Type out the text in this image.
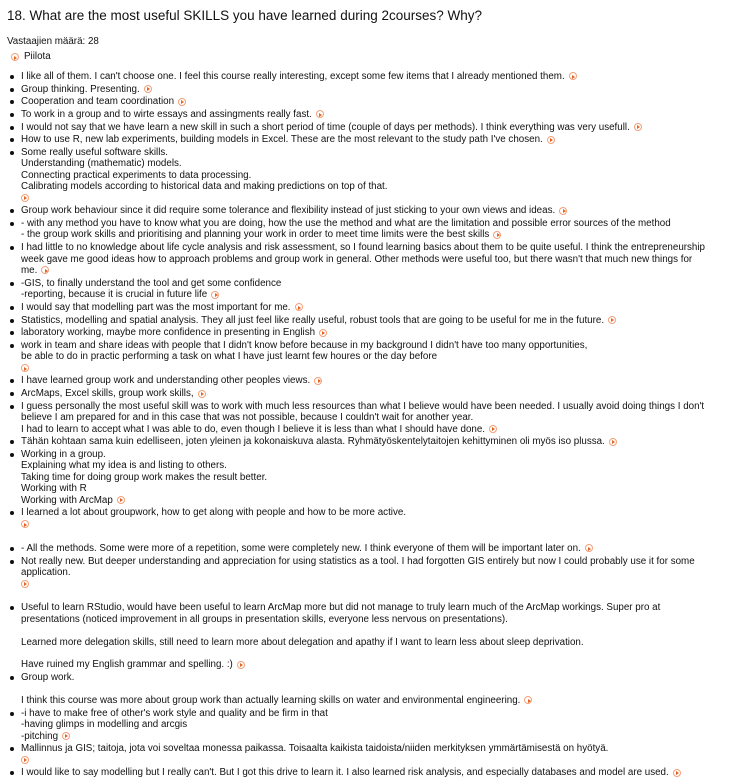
18. What are the most useful SKILLS you have learned during 2courses? Why?
Vastaajien määrä: 28
Piilota
I like all of them. I can't choose one. I feel this course really interesting, except some few items that I already mentioned them.
Group thinking. Presenting.
Cooperation and team coordination
To work in a group and to wirte essays and assingments really fast.
I would not say that we have learn a new skill in such a short period of time (couple of days per methods). I think everything was very usefull.
How to use R, new lab experiments, building models in Excel. These are the most relevant to the study path I've chosen.
Some really useful software skills.
Understanding (mathematic) models.
Connecting practical experiments to data processing.
Calibrating models according to historical data and making predictions on top of that.
Group work behaviour since it did require some tolerance and flexibility instead of just sticking to your own views and ideas.
- with any method you have to know what you are doing, how the use the method and what are the limitation and possible error sources of the method
- the group work skills and prioritising and planning your work in order to meet time limits were the best skills
I had little to no knowledge about life cycle analysis and risk assessment, so I found learning basics about them to be quite useful. I think the entrepreneurship
week gave me good ideas how to approach problems and group work in general. Other methods were useful too, but there wasn't that much new things for
me.
-GIS, to finally understand the tool and get some confidence
-reporting, because it is crucial in future life
I would say that modelling part was the most important for me.
Statistics, modelling and spatial analysis. They all just feel like really useful, robust tools that are going to be useful for me in the future.
laboratory working, maybe more confidence in presenting in English
work in team and share ideas with people that I didn't know before because in my background I didn't have too many opportunities,
be able to do in practic performing a task on what I have just learnt few houres or the day before
I have learned group work and understanding other peoples views.
ArcMaps, Excel skills, group work skills,
I guess personally the most useful skill was to work with much less resources than what I believe would have been needed. I usually avoid doing things I don't
believe I am prepared for and in this case that was not possible, because I couldn't wait for another year.
I had to learn to accept what I was able to do, even though I believe it is less than what I should have done.
Tähän kohtaan sama kuin edelliseen, joten yleinen ja kokonaiskuva alasta. Ryhmätyöskentelytaitojen kehittyminen oli myös iso plussa.
Working in a group.
Explaining what my idea is and listing to others.
Taking time for doing group work makes the result better.
Working with R
Working with ArcMap
I learned a lot about groupwork, how to get along with people and how to be more active.
- All the methods. Some were more of a repetition, some were completely new. I think everyone of them will be important later on.
Not really new. But deeper understanding and appreciation for using statistics as a tool. I had forgotten GIS entirely but now I could probably use it for some
application.
Useful to learn RStudio, would have been useful to learn ArcMap more but did not manage to truly learn much of the ArcMap workings. Super pro at
presentations (noticed improvement in all groups in presentation skills, everyone less nervous on presentations).
Learned more delegation skills, still need to learn more about delegation and apathy if I want to learn less about sleep deprivation.
Have ruined my English grammar and spelling. :)
Group work.
I think this course was more about group work than actually learning skills on water and environmental engineering.
-i have to make free of other's work style and quality and be firm in that
-having glimps in modelling and arcgis
-pitching
Mallinnus ja GIS; taitoja, jota voi soveltaa monessa paikassa. Toisaalta kaikista taidoista/niiden merkityksen ymmärtämisestä on hyötyä.
I would like to say modelling but I really can't. But I got this drive to learn it. I also learned risk analysis, and especially databases and model are used.
